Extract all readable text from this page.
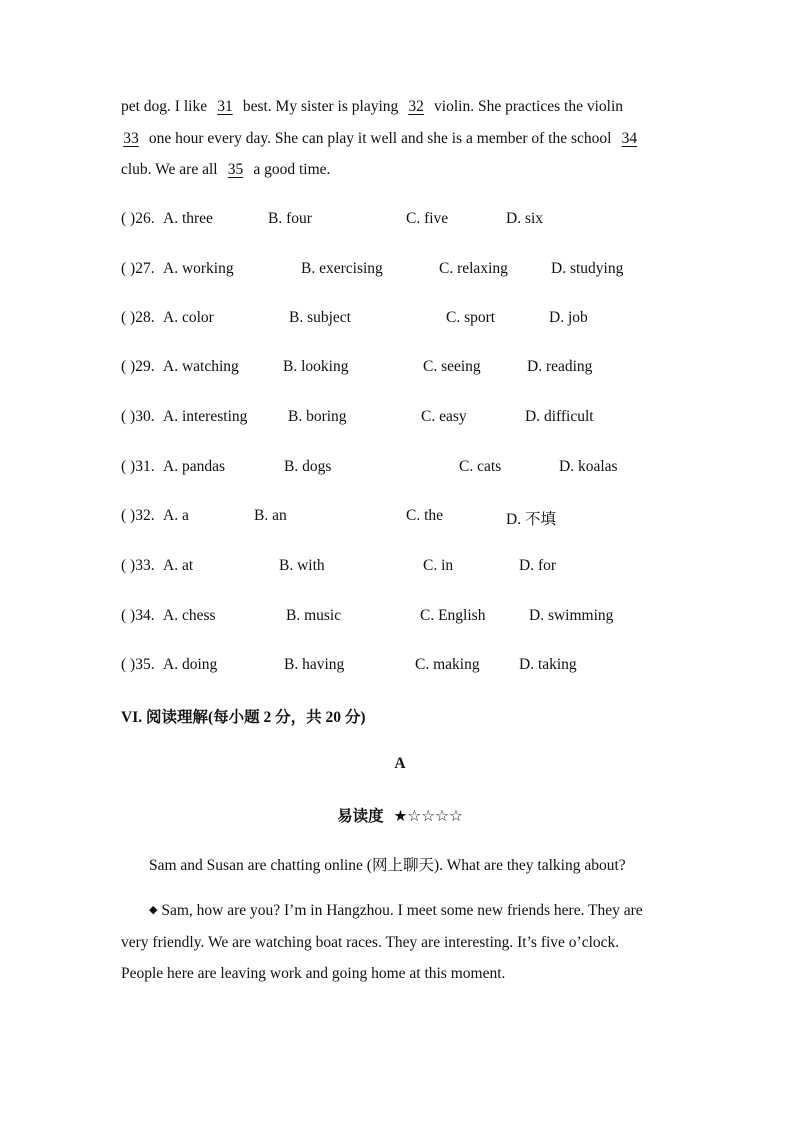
pet dog. I like 31 best. My sister is playing 32 violin. She practices the violin
33 one hour every day. She can play it well and she is a member of the school 34
club. We are all 35 a good time.
( )26. A. three	B. four	C. five	D. six
( )27. A. working	B. exercising	C. relaxing	D. studying
( )28. A. color	B. subject	C. sport	D. job
( )29. A. watching	B. looking	C. seeing	D. reading
( )30. A. interesting	B. boring	C. easy	D. difficult
( )31. A. pandas	B. dogs	C. cats	D. koalas
( )32. A. a	B. an	C. the	D. 不填
( )33. A. at	B. with	C. in	D. for
( )34. A. chess	B. music	C. English	D. swimming
( )35. A. doing	B. having	C. making	D. taking
VI. 阅读理解(每小题 2 分，共 20 分)
A
易读度 ★☆☆☆☆
Sam and Susan are chatting online (网上聊天). What are they talking about?
◆ Sam, how are you? I’m in Hangzhou. I meet some new friends here. They are
very friendly. We are watching boat races. They are interesting. It’s five o’clock.
People here are leaving work and going home at this moment.
